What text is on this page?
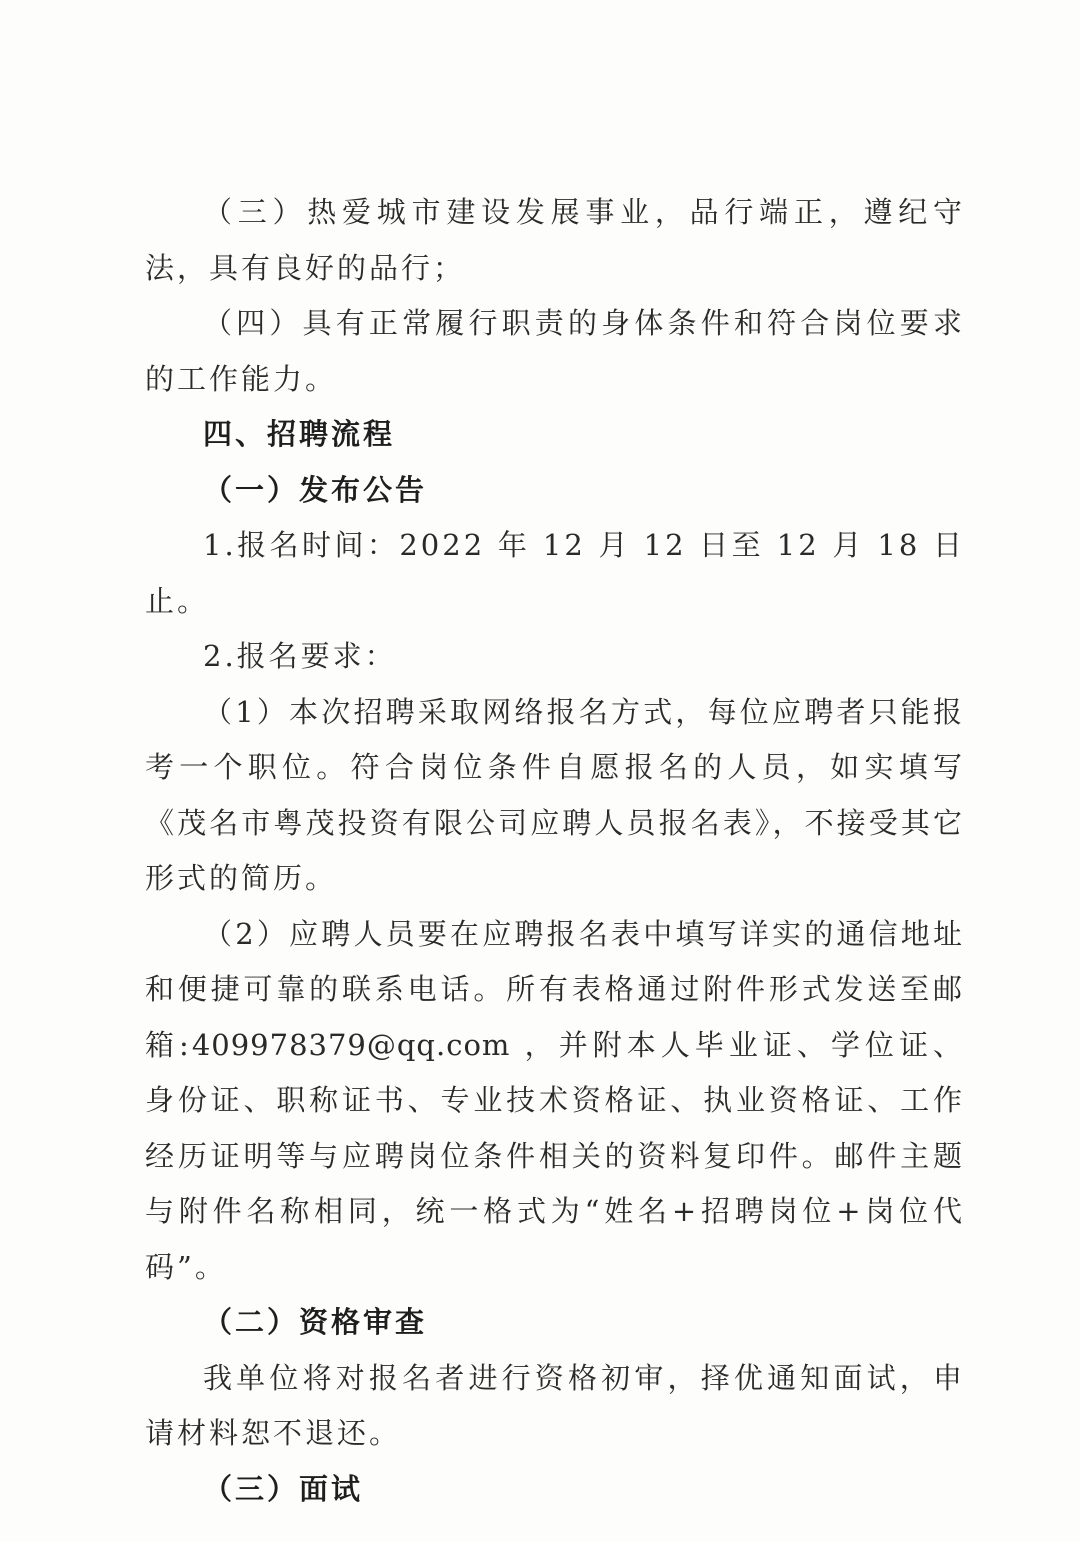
（三）热爱城市建设发展事业，品行端正，遵纪守法，具有良好的品行；

（四）具有正常履行职责的身体条件和符合岗位要求的工作能力。

四、招聘流程

（一）发布公告

1.报名时间：2022 年 12 月 12 日至 12 月 18 日止。

2.报名要求：

（1）本次招聘采取网络报名方式，每位应聘者只能报考一个职位。符合岗位条件自愿报名的人员，如实填写《茂名市粤茂投资有限公司应聘人员报名表》，不接受其它形式的简历。

（2）应聘人员要在应聘报名表中填写详实的通信地址和便捷可靠的联系电话。所有表格通过附件形式发送至邮箱:409978379@qq.com ，并附本人毕业证、学位证、身份证、职称证书、专业技术资格证、执业资格证、工作经历证明等与应聘岗位条件相关的资料复印件。邮件主题与附件名称相同，统一格式为“姓名+招聘岗位+岗位代码”。

（二）资格审查

我单位将对报名者进行资格初审，择优通知面试，申请材料恕不退还。

（三）面试
